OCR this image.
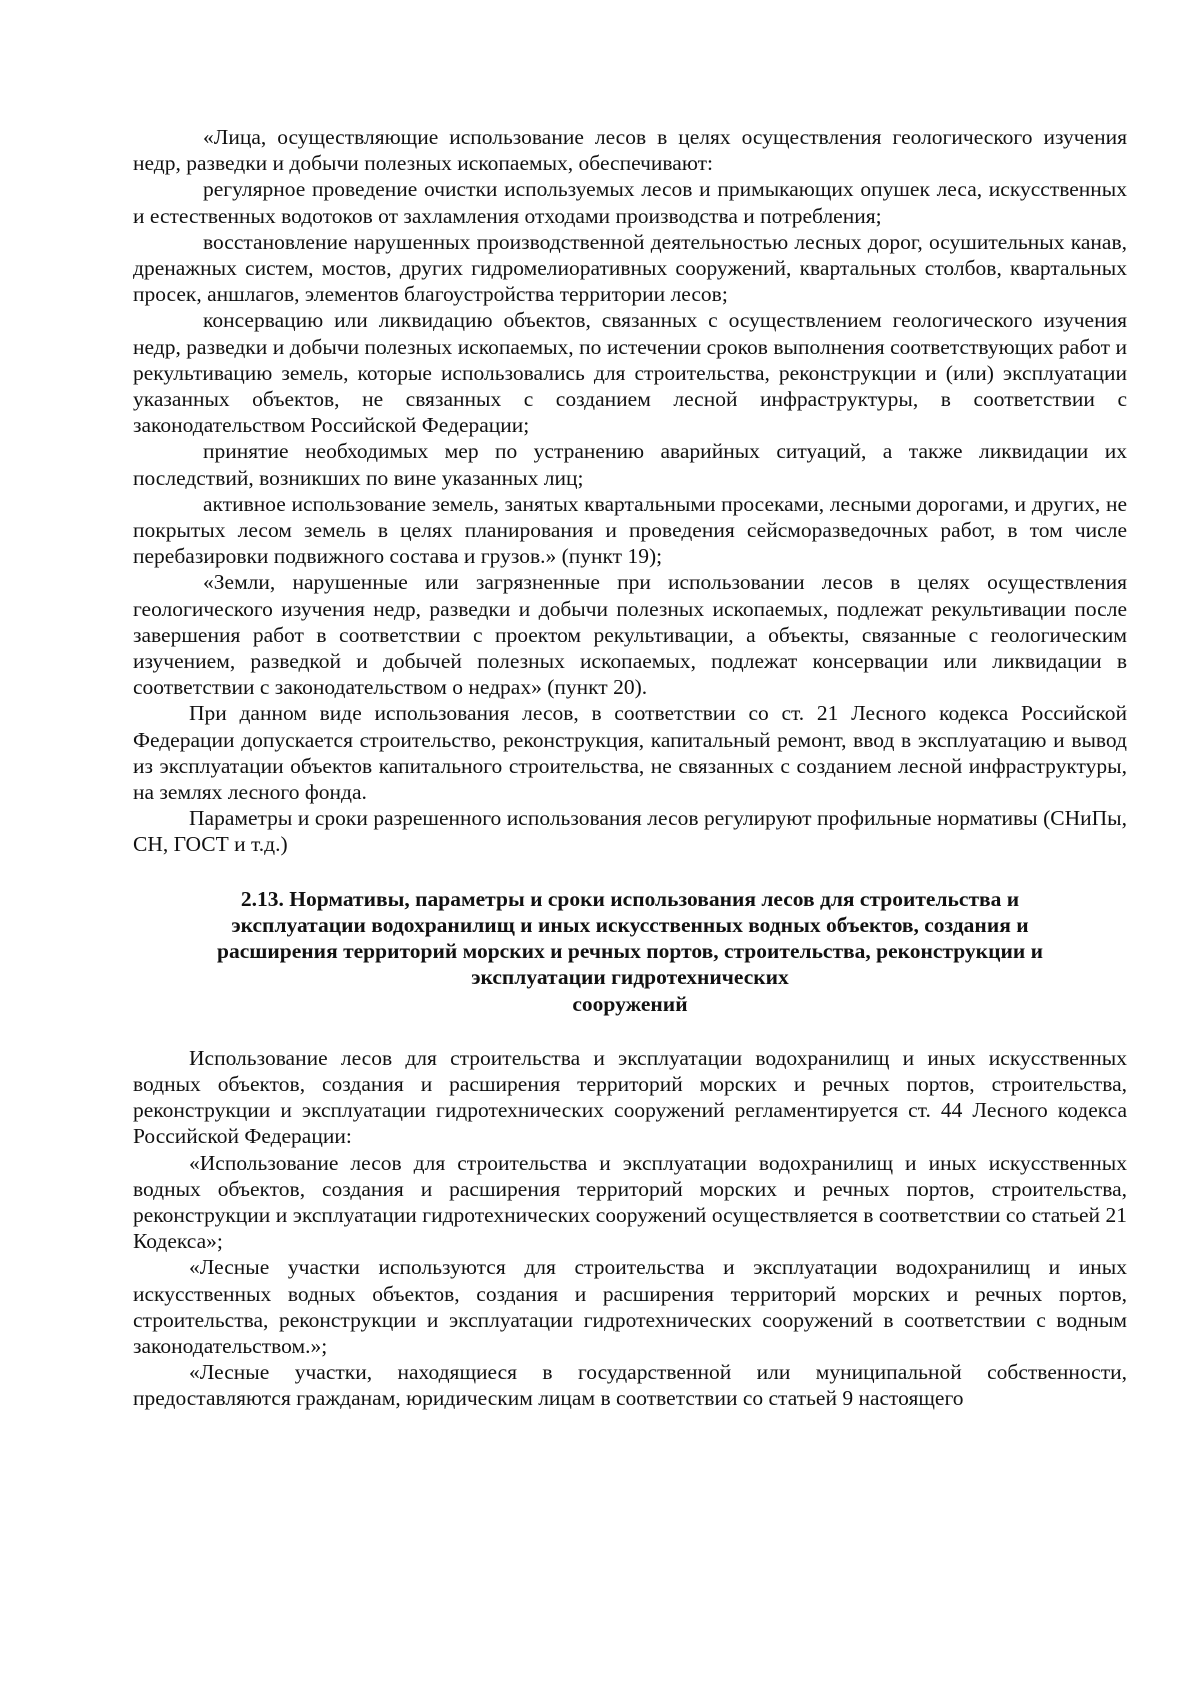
«Лица, осуществляющие использование лесов в целях осуществления геологического изучения недр, разведки и добычи полезных ископаемых, обеспечивают:

регулярное проведение очистки используемых лесов и примыкающих опушек леса, искусственных и естественных водотоков от захламления отходами производства и потребления;

восстановление нарушенных производственной деятельностью лесных дорог, осушительных канав, дренажных систем, мостов, других гидромелиоративных сооружений, квартальных столбов, квартальных просек, аншлагов, элементов благоустройства территории лесов;

консервацию или ликвидацию объектов, связанных с осуществлением геологического изучения недр, разведки и добычи полезных ископаемых, по истечении сроков выполнения соответствующих работ и рекультивацию земель, которые использовались для строительства, реконструкции и (или) эксплуатации указанных объектов, не связанных с созданием лесной инфраструктуры, в соответствии с законодательством Российской Федерации;

принятие необходимых мер по устранению аварийных ситуаций, а также ликвидации их последствий, возникших по вине указанных лиц;

активное использование земель, занятых квартальными просеками, лесными дорогами, и других, не покрытых лесом земель в целях планирования и проведения сейсморазведочных работ, в том числе перебазировки подвижного состава и грузов.» (пункт 19);

«Земли, нарушенные или загрязненные при использовании лесов в целях осуществления геологического изучения недр, разведки и добычи полезных ископаемых, подлежат рекультивации после завершения работ в соответствии с проектом рекультивации, а объекты, связанные с геологическим изучением, разведкой и добычей полезных ископаемых, подлежат консервации или ликвидации в соответствии с законодательством о недрах» (пункт 20).

При данном виде использования лесов, в соответствии со ст. 21 Лесного кодекса Российской Федерации допускается строительство, реконструкция, капитальный ремонт, ввод в эксплуатацию и вывод из эксплуатации объектов капитального строительства, не связанных с созданием лесной инфраструктуры, на землях лесного фонда.

Параметры и сроки разрешенного использования лесов регулируют профильные нормативы (СНиПы, СН, ГОСТ и т.д.)

2.13. Нормативы, параметры и сроки использования лесов для строительства и
эксплуатации водохранилищ и иных искусственных водных объектов, создания и
расширения территорий морских и речных портов, строительства, реконструкции и
эксплуатации гидротехнических
сооружений

Использование лесов для строительства и эксплуатации водохранилищ и иных искусственных водных объектов, создания и расширения территорий морских и речных портов, строительства, реконструкции и эксплуатации гидротехнических сооружений регламентируется ст. 44 Лесного кодекса Российской Федерации:

«Использование лесов для строительства и эксплуатации водохранилищ и иных искусственных водных объектов, создания и расширения территорий морских и речных портов, строительства, реконструкции и эксплуатации гидротехнических сооружений осуществляется в соответствии со статьей 21 Кодекса»;

«Лесные участки используются для строительства и эксплуатации водохранилищ и иных искусственных водных объектов, создания и расширения территорий морских и речных портов, строительства, реконструкции и эксплуатации гидротехнических сооружений в соответствии с водным законодательством.»;

«Лесные участки, находящиеся в государственной или муниципальной собственности, предоставляются гражданам, юридическим лицам в соответствии со статьей 9 настоящего
